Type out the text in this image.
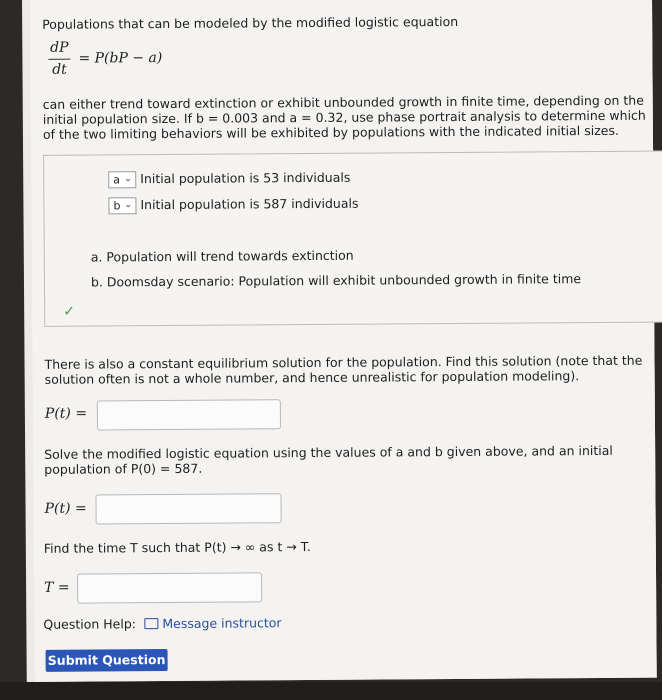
Populations that can be modeled by the modified logistic equation
dP
dt
= P(bP − a)
can either trend toward extinction or exhibit unbounded growth in finite time, depending on the
initial population size. If b = 0.003 and a = 0.32, use phase portrait analysis to determine which
of the two limiting behaviors will be exhibited by populations with the indicated initial sizes.
a ⌄ Initial population is 53 individuals
b ⌄ Initial population is 587 individuals
a. Population will trend towards extinction
b. Doomsday scenario: Population will exhibit unbounded growth in finite time
✓
There is also a constant equilibrium solution for the population. Find this solution (note that the
solution often is not a whole number, and hence unrealistic for population modeling).
P(t) =
Solve the modified logistic equation using the values of a and b given above, and an initial
population of P(0) = 587.
P(t) =
Find the time T such that P(t) → ∞ as t → T.
T =
Question Help:	Message instructor
Submit Question
